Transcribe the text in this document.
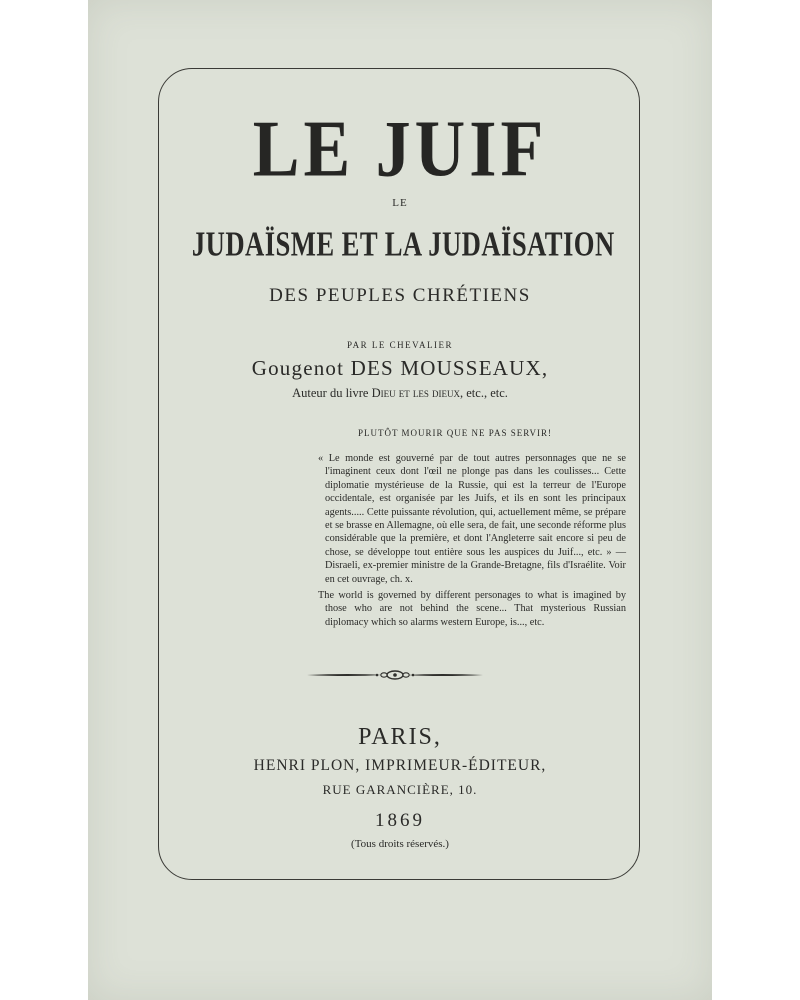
LE JUIF
LE
JUDAÏSME ET LA JUDAÏSATION
DES PEUPLES CHRÉTIENS
PAR LE CHEVALIER
Gougenot DES MOUSSEAUX,
Auteur du livre Dieu et les dieux, etc., etc.
PLUTÔT MOURIR QUE NE PAS SERVIR!

« Le monde est gouverné par de tout autres personnages que ne se l'imaginent ceux dont l'œil ne plonge pas dans les coulisses... Cette diplomatie mystérieuse de la Russie, qui est la terreur de l'Europe occidentale, est organisée par les Juifs, et ils en sont les principaux agents..... Cette puissante révolution, qui, actuellement même, se prépare et se brasse en Allemagne, où elle sera, de fait, une seconde réforme plus considérable que la première, et dont l'Angleterre sait encore si peu de chose, se développe tout entière sous les auspices du Juif..., etc. » — Disraeli, ex-premier ministre de la Grande-Bretagne, fils d'Israélite. Voir en cet ouvrage, ch. x.

The world is governed by different personages to what is imagined by those who are not behind the scene... That mysterious Russian diplomacy which so alarms western Europe, is..., etc.

PARIS,
HENRI PLON, IMPRIMEUR-ÉDITEUR,
RUE GARANCIÈRE, 10.
1869
(Tous droits réservés.)
